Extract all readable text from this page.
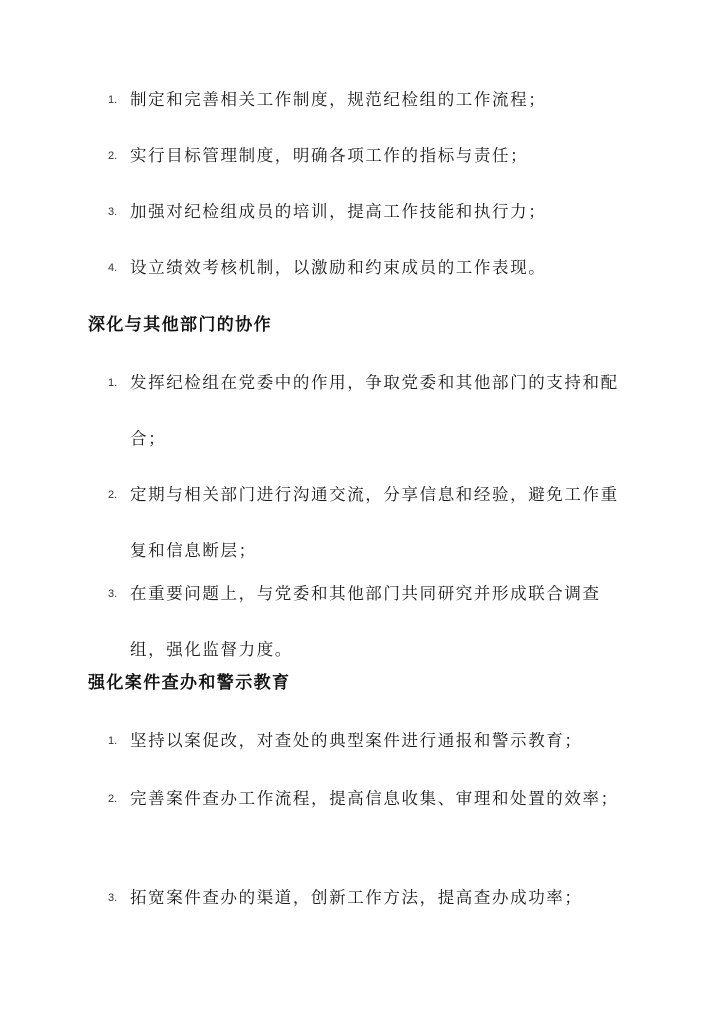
1. 制定和完善相关工作制度，规范纪检组的工作流程；
2. 实行目标管理制度，明确各项工作的指标与责任；
3. 加强对纪检组成员的培训，提高工作技能和执行力；
4. 设立绩效考核机制，以激励和约束成员的工作表现。
深化与其他部门的协作
1. 发挥纪检组在党委中的作用，争取党委和其他部门的支持和配合；
2. 定期与相关部门进行沟通交流，分享信息和经验，避免工作重复和信息断层；
3. 在重要问题上，与党委和其他部门共同研究并形成联合调查组，强化监督力度。
强化案件查办和警示教育
1. 坚持以案促改，对查处的典型案件进行通报和警示教育；
2. 完善案件查办工作流程，提高信息收集、审理和处置的效率；
3. 拓宽案件查办的渠道，创新工作方法，提高查办成功率；
